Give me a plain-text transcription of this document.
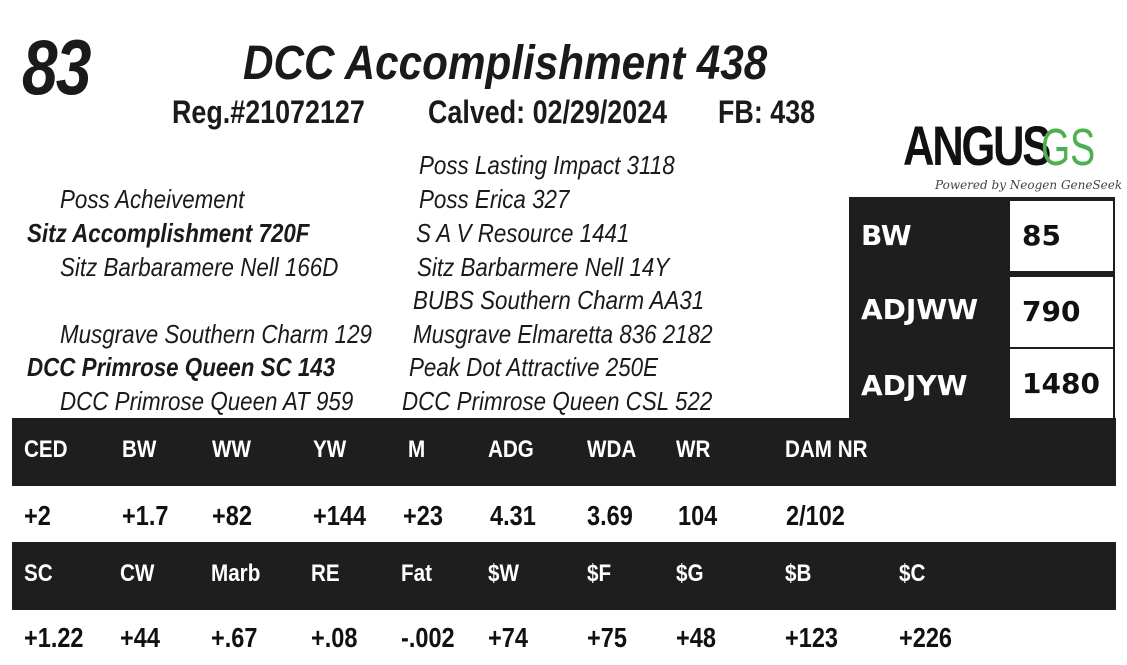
83	DCC Accomplishment 438
Reg.#21072127 Calved: 02/29/2024 FB: 438
Poss Lasting Impact 3118
Poss Acheivement	Poss Erica 327
Sitz Accomplishment 720F	S A V Resource 1441
Sitz Barbaramere Nell 166D	Sitz Barbarmere Nell 14Y
BUBS Southern Charm AA31
Musgrave Southern Charm 129 Musgrave Elmaretta 836 2182
DCC Primrose Queen SC 143	Peak Dot Attractive 250E
DCC Primrose Queen AT 959 DCC Primrose Queen CSL 522
ANGUS
GS
Powered by Neogen GeneSeek
BW	85
ADJWW 790
ADJYW 1480
CED BW WW	YW	M	ADG WDA WR	DAM NR
+2	+1.7 +82 +144 +23 4.31 3.69 104 2/102
SC	CW Marb RE	Fat $W	$F	$G	$B	$C
+1.22 +44 +.67 +.08 -.002 +74 +75 +48 +123 +226
